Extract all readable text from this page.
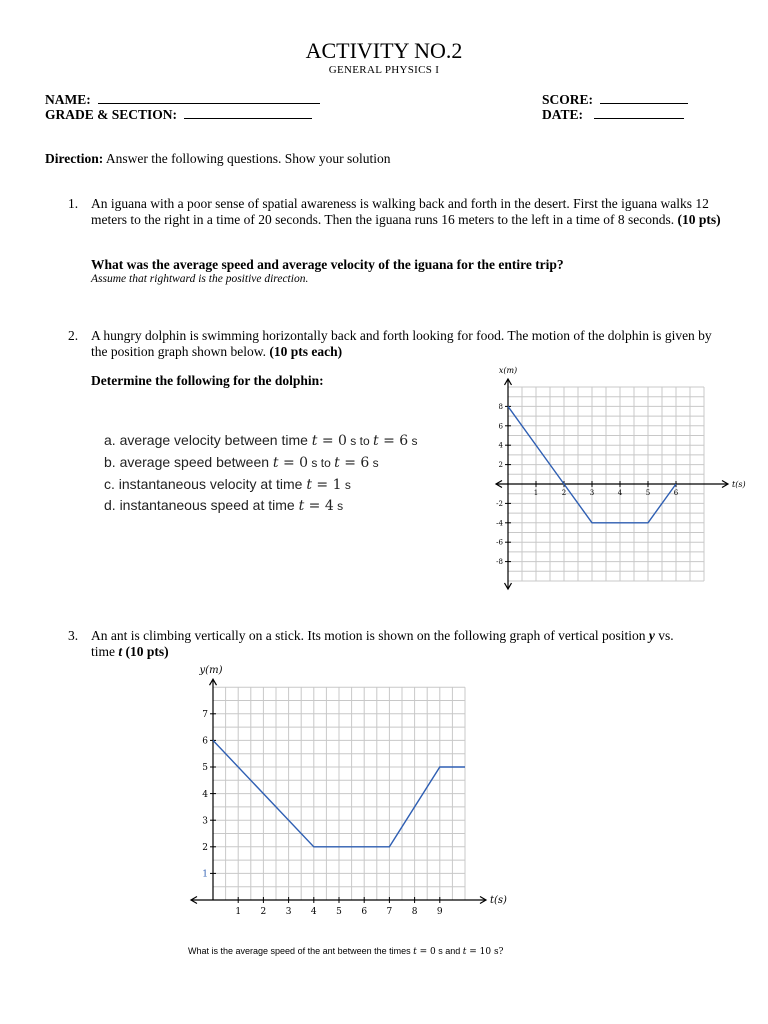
ACTIVITY NO.2
GENERAL PHYSICS I
NAME:
GRADE & SECTION:
SCORE:
DATE:
Direction: Answer the following questions. Show your solution
1. An iguana with a poor sense of spatial awareness is walking back and forth in the desert. First the iguana walks 12 meters to the right in a time of 20 seconds. Then the iguana runs 16 meters to the left in a time of 8 seconds. (10 pts)
What was the average speed and average velocity of the iguana for the entire trip?
Assume that rightward is the positive direction.
2. A hungry dolphin is swimming horizontally back and forth looking for food. The motion of the dolphin is given by the position graph shown below. (10 pts each)
Determine the following for the dolphin:
a. average velocity between time t = 0 s to t = 6 s
b. average speed between t = 0 s to t = 6 s
c. instantaneous velocity at time t = 1 s
d. instantaneous speed at time t = 4 s
1	2	3	4	5	6
8
6
4
2
-2
-4
-6
-8
t(s)
x(m)
3. An ant is climbing vertically on a stick. Its motion is shown on the following graph of vertical position y vs. time t (10 pts)
1 2 3 4 5 6 7 8 9
1
2
3
4
5
6
7
t(s)
y(m)
What is the average speed of the ant between the times t = 0 s and t = 10 s?
